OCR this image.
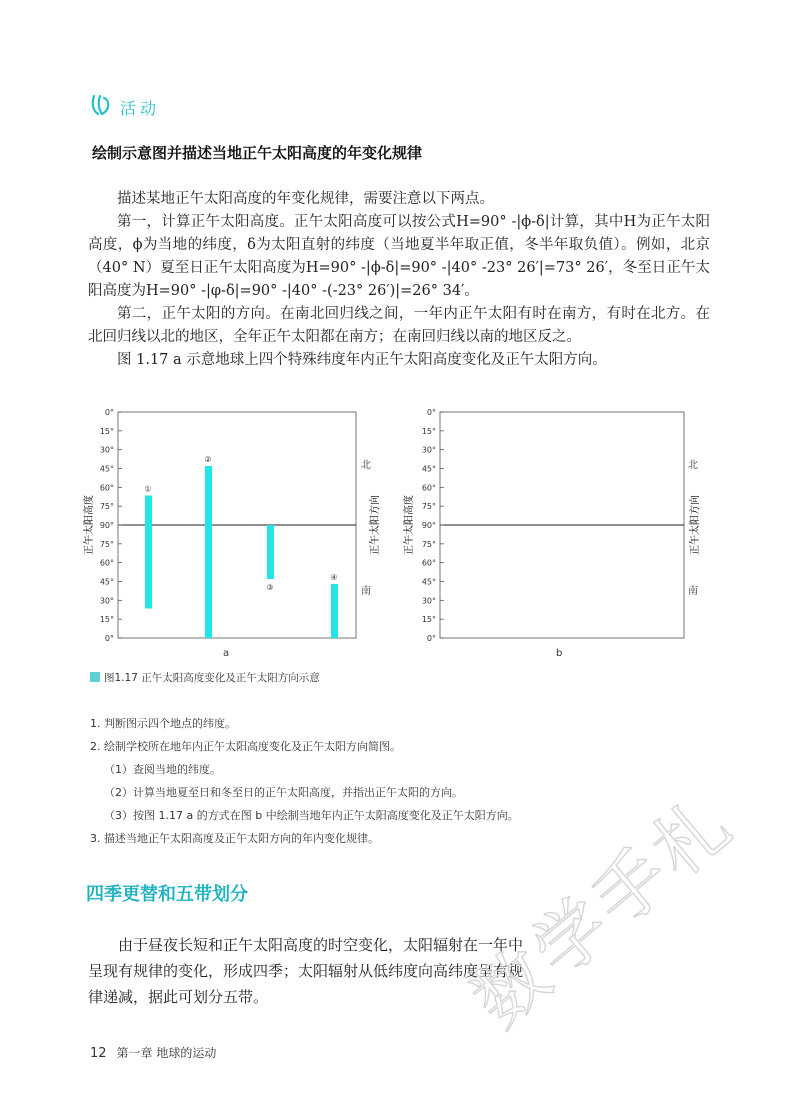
活动
绘制示意图并描述当地正午太阳高度的年变化规律

描述某地正午太阳高度的年变化规律，需要注意以下两点。

第一，计算正午太阳高度。正午太阳高度可以按公式H=90° -|ϕ-δ|计算，其中H为正午太阳高度，ϕ为当地的纬度，δ为太阳直射的纬度（当地夏半年取正值，冬半年取负值）。例如，北京（40° N）夏至日正午太阳高度为H=90° -|ϕ-δ|=90° -|40° -23° 26′|=73° 26′，冬至日正午太阳高度为H=90° -|φ-δ|=90° -|40° -(-23° 26′)|=26° 34′。

第二，正午太阳的方向。在南北回归线之间，一年内正午太阳有时在南方，有时在北方。在北回归线以北的地区，全年正午太阳都在南方；在南回归线以南的地区反之。

图 1.17 a 示意地球上四个特殊纬度年内正午太阳高度变化及正午太阳方向。

0°
15°
30°
45°
60°
75°
90°
75°
60°
45°
30°
15°
0°
①
②
③
④
正午太阳高度	正午太阳方向
北
南
a
0°
15°
30°
45°
60°
75°
90°
75°
60°
45°
30°
15°
0°
正午太阳高度	正午太阳方向
北
南
b
图1.17 正午太阳高度变化及正午太阳方向示意
1. 判断图示四个地点的纬度。
2. 绘制学校所在地年内正午太阳高度变化及正午太阳方向简图。
（1）查阅当地的纬度。
（2）计算当地夏至日和冬至日的正午太阳高度，并指出正午太阳的方向。
（3）按图 1.17 a 的方式在图 b 中绘制当地年内正午太阳高度变化及正午太阳方向。
3. 描述当地正午太阳高度及正午太阳方向的年内变化规律。
四季更替和五带划分

　　由于昼夜长短和正午太阳高度的时空变化，太阳辐射在一年中

呈现有规律的变化，形成四季；太阳辐射从低纬度向高纬度呈有规

律递减，据此可划分五带。	数学手札
12 第一章 地球的运动
